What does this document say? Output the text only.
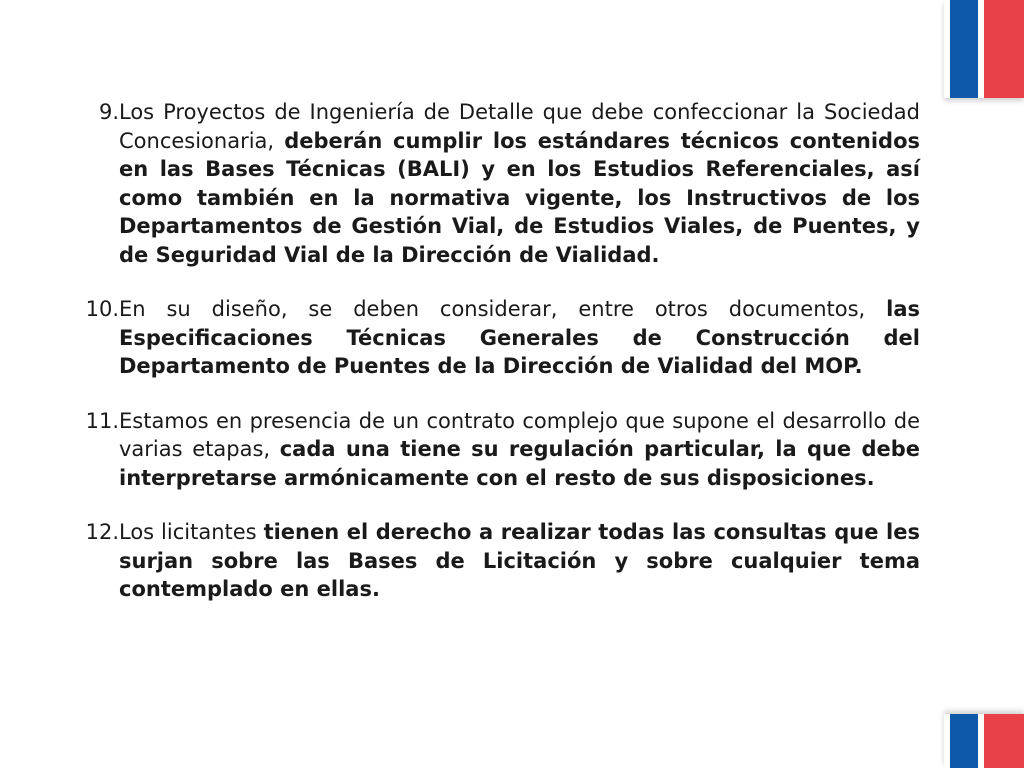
9. Los Proyectos de Ingeniería de Detalle que debe confeccionar la Sociedad Concesionaria, deberán cumplir los estándares técnicos contenidos en las Bases Técnicas (BALI) y en los Estudios Referenciales, así como también en la normativa vigente, los Instructivos de los Departamentos de Gestión Vial, de Estudios Viales, de Puentes, y de Seguridad Vial de la Dirección de Vialidad.
10. En su diseño, se deben considerar, entre otros documentos, las Especificaciones Técnicas Generales de Construcción del Departamento de Puentes de la Dirección de Vialidad del MOP.
11. Estamos en presencia de un contrato complejo que supone el desarrollo de varias etapas, cada una tiene su regulación particular, la que debe interpretarse armónicamente con el resto de sus disposiciones.
12. Los licitantes tienen el derecho a realizar todas las consultas que les surjan sobre las Bases de Licitación y sobre cualquier tema contemplado en ellas.
